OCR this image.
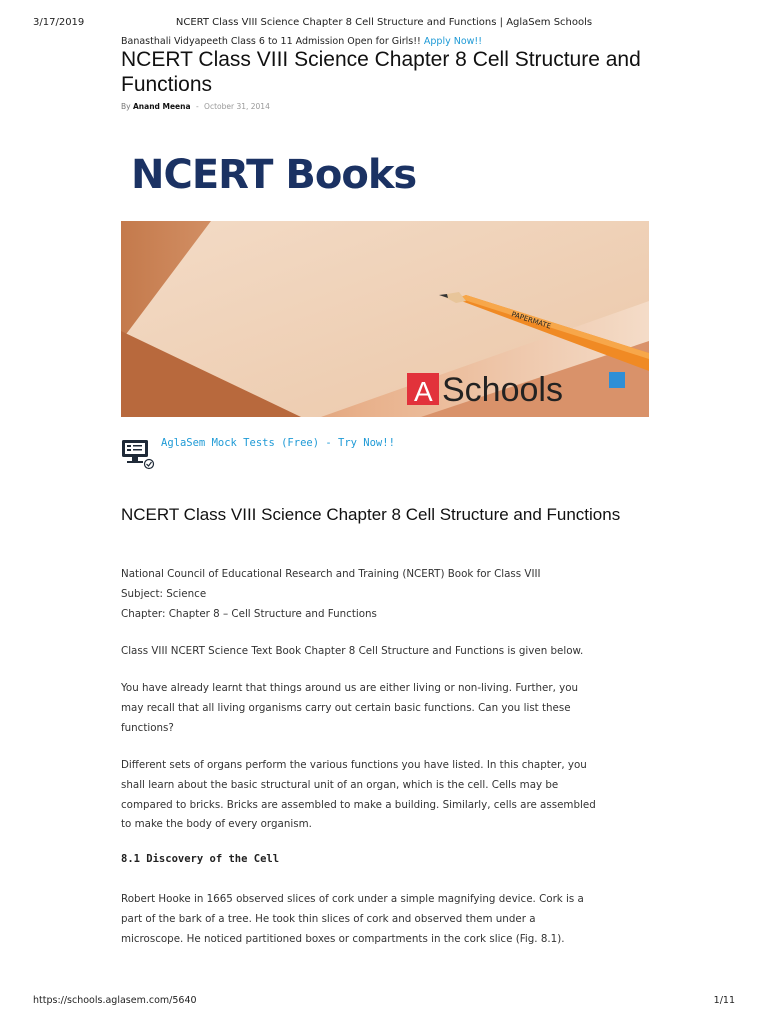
3/17/2019	NCERT Class VIII Science Chapter 8 Cell Structure and Functions | AglaSem Schools
Banasthali Vidyapeeth Class 6 to 11 Admission Open for Girls!! Apply Now!!
NCERT Class VIII Science Chapter 8 Cell Structure and Functions
By Anand Meena - October 31, 2014
NCERT Books
PAPERMATE
A Schools
AglaSem Mock Tests (Free) - Try Now!!
NCERT Class VIII Science Chapter 8 Cell Structure and Functions
National Council of Educational Research and Training (NCERT) Book for Class VIII
Subject: Science
Chapter: Chapter 8 – Cell Structure and Functions

Class VIII NCERT Science Text Book Chapter 8 Cell Structure and Functions is given below.

You have already learnt that things around us are either living or non-living. Further, you
may recall that all living organisms carry out certain basic functions. Can you list these
functions?

Different sets of organs perform the various functions you have listed. In this chapter, you
shall learn about the basic structural unit of an organ, which is the cell. Cells may be
compared to bricks. Bricks are assembled to make a building. Similarly, cells are assembled
to make the body of every organism.

8.1 Discovery of the Cell

Robert Hooke in 1665 observed slices of cork under a simple magnifying device. Cork is a
part of the bark of a tree. He took thin slices of cork and observed them under a
microscope. He noticed partitioned boxes or compartments in the cork slice (Fig. 8.1).

https://schools.aglasem.com/5640	1/11
